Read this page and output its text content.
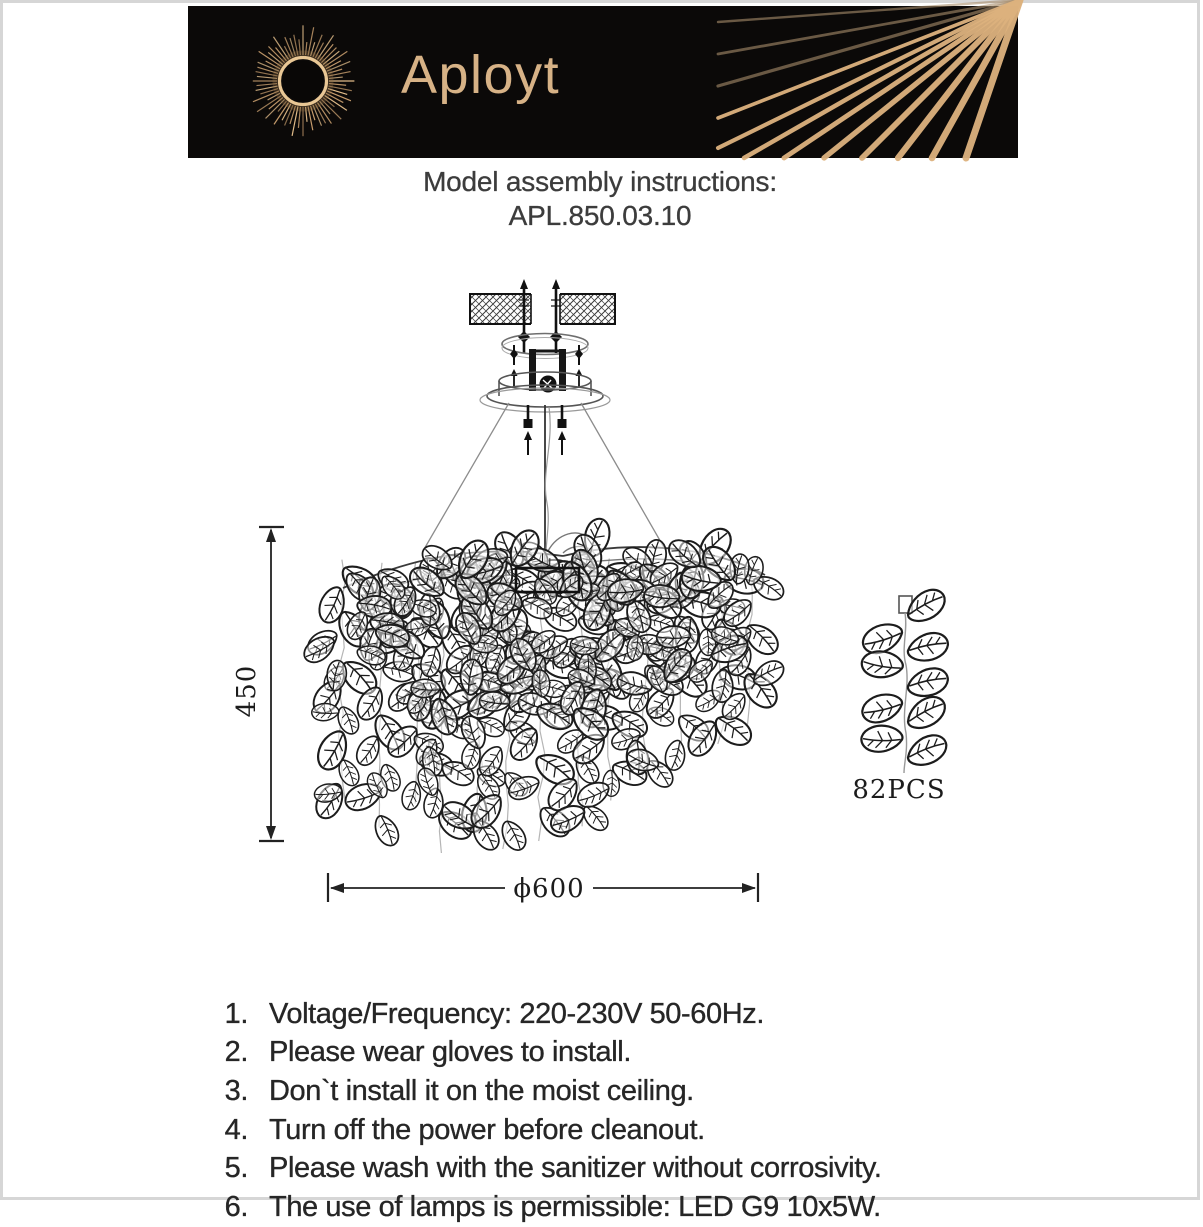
Aployt
Model assembly instructions:
APL.850.03.10
450
ϕ600
82PCS
1. Voltage/Frequency: 220-230V 50-60Hz.
2. Please wear gloves to install.
3. Don`t install it on the moist ceiling.
4. Turn off the power before cleanout.
5. Please wash with the sanitizer without corrosivity.
6. The use of lamps is permissible: LED G9 10x5W.
